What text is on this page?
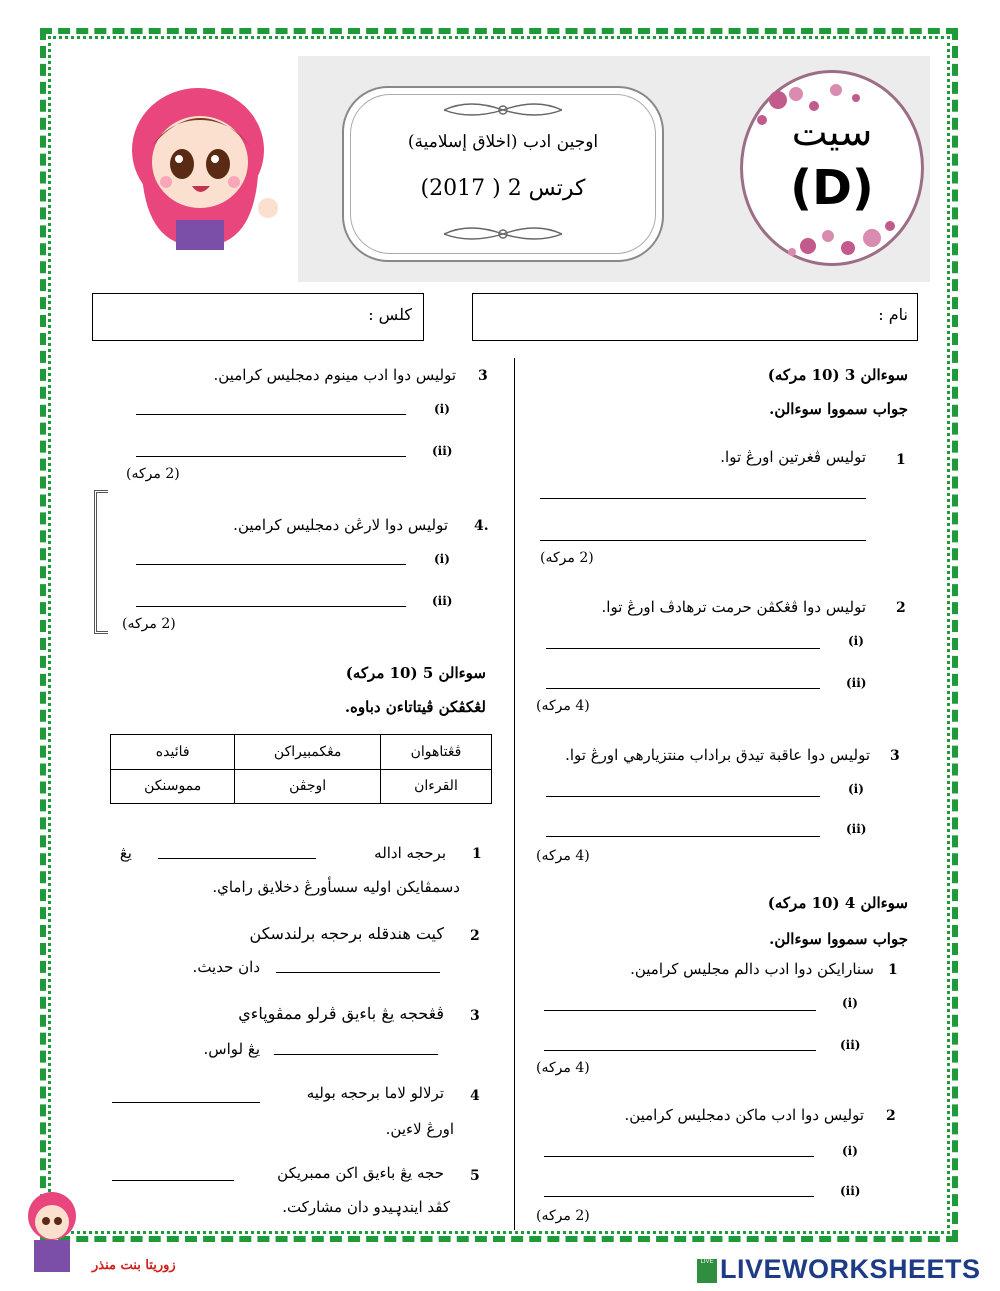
اوجين ادب (اخلاق إسلامية)
كرتس 2 ( 2017)
سيت
(D)
نام :
كلس :
سوءالن 3 (10 مركه)
جواب سمووا سوءالن.
1
توليس ڤغرتين اورڠ توا.
(2 مركه)
2
توليس دوا ڤڠكڤن حرمت ترهادڤ اورڠ توا.
(i)
(ii)
(4 مركه)
3
توليس دوا عاقبة تيدق براداب منتزيارهي اورڠ توا.
(i)
(ii)
(4 مركه)
سوءالن 4 (10 مركه)
جواب سمووا سوءالن.
1
سنارايكن دوا ادب دالم مجليس كرامين.
(i)
(ii)
(4 مركه)
2
توليس دوا ادب ماكن دمجليس كرامين.
(i)
(ii)
(2 مركه)
3
توليس دوا ادب مينوم دمجليس كرامين.
(i)
(ii)
(2 مركه)
4.
توليس دوا لارڠن دمجليس كرامين.
(i)
(ii)
(2 مركه)
سوءالن 5 (10 مركه)
لڠكڤكن ڤيتاتاءن دباوه.
ڤڠتاهوان	مڠكمبيراكن	فائيده
القرءان	اوجڤن	مموسنكن
1
برحجه اداله
يڠ
دسمڤايكن اوليه سسأورڠ دخلايق راماي.
2
كيت هندقله برحجه برلندسكن
دان حديث.
3
ڤڠحجه يڠ باءيق ڤرلو ممڤوڽاءي
يڠ لواس.
4
ترلالو لاما برحجه بوليه
اورڠ لاءين.
5
حجه يڠ باءيق اكن ممبريكن
كڤد ايندۑيدو دان مشاركت.
زوريتا بنت منذر	LIVE LIVEWORKSHEETS
